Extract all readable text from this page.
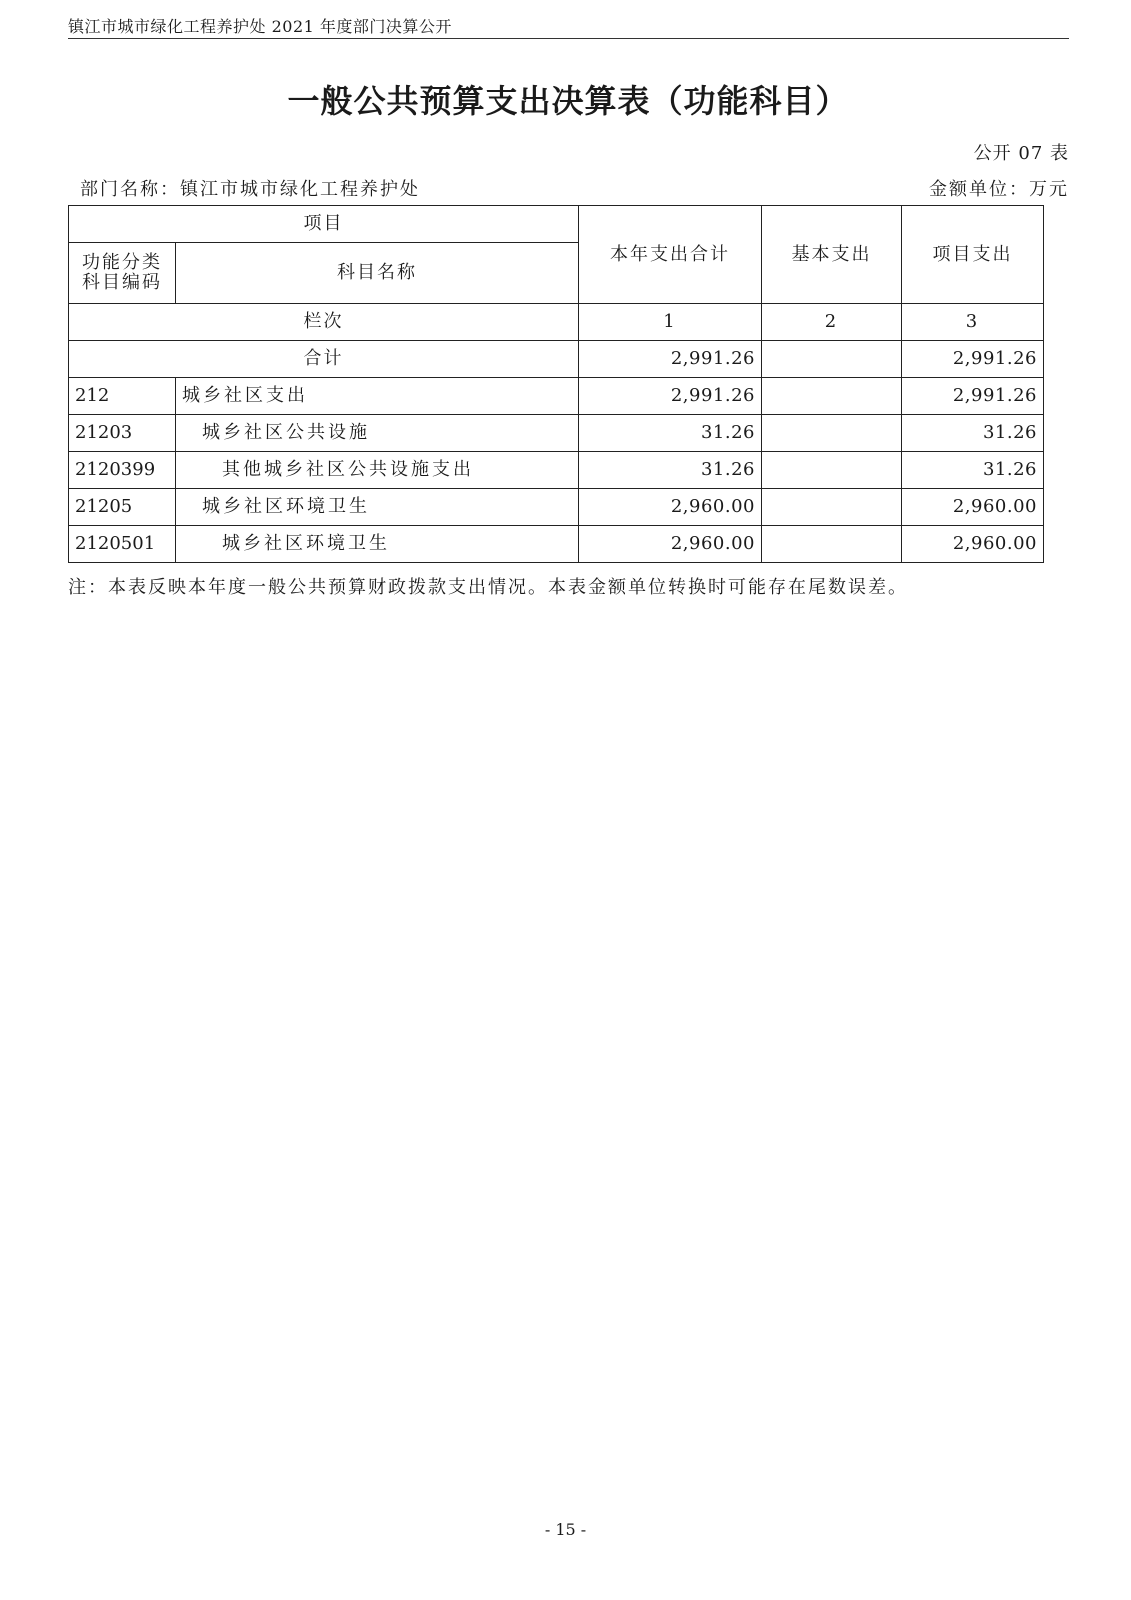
镇江市城市绿化工程养护处 2021 年度部门决算公开
一般公共预算支出决算表（功能科目）
公开 07 表
部门名称：镇江市城市绿化工程养护处	金额单位：万元
项目		本年支出合计	基本支出	项目支出

功能分类
科目编码	科目名称			
栏次		1	2	3
合计		2,991.26		2,991.26
212	城乡社区支出	2,991.26		2,991.26
21203	城乡社区公共设施	31.26		31.26
2120399	其他城乡社区公共设施支出	31.26		31.26
21205	城乡社区环境卫生	2,960.00		2,960.00
2120501	城乡社区环境卫生	2,960.00		2,960.00
注：本表反映本年度一般公共预算财政拨款支出情况。本表金额单位转换时可能存在尾数误差。
- 15 -
